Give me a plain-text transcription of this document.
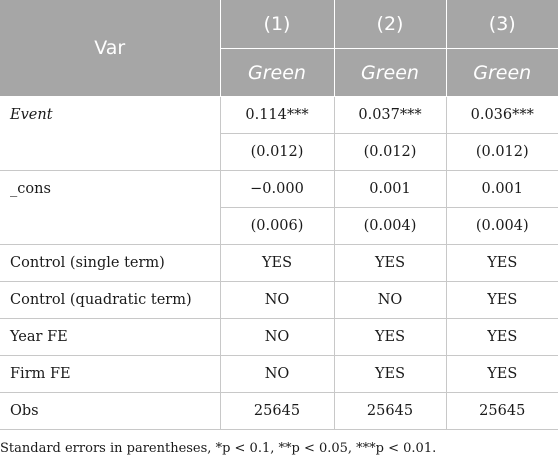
Var	(1)	(2)	(3)
	Green	Green	Green
Event	0.114***	0.037***	0.036***
	(0.012)	(0.012)	(0.012)
_cons	−0.000	0.001	0.001
	(0.006)	(0.004)	(0.004)
Control (single term)	YES	YES	YES
Control (quadratic term)	NO	NO	YES
Year FE	NO	YES	YES
Firm FE	NO	YES	YES
Obs	25645	25645	25645
Standard errors in parentheses, *p < 0.1, **p < 0.05, ***p < 0.01.
